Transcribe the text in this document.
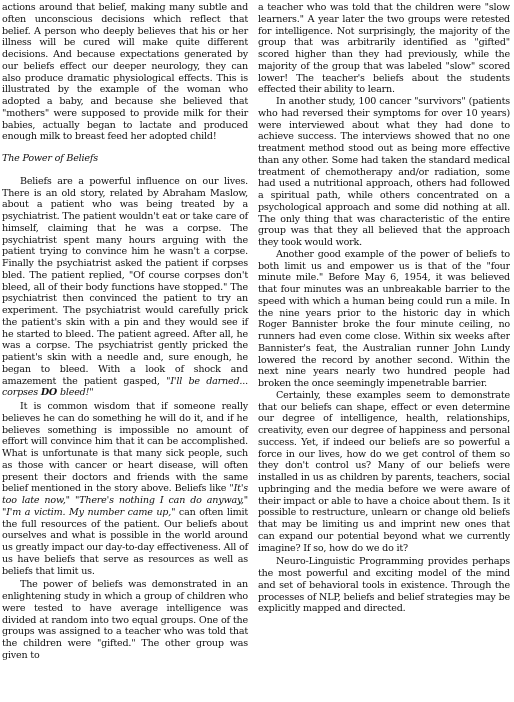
actions around that belief, making many subtle and often unconscious decisions which reflect that belief. A person who deeply believes that his or her illness will be cured will make quite different decisions. And because expectations generated by our beliefs effect our deeper neurology, they can also produce dramatic physiological effects. This is illustrated by the example of the woman who adopted a baby, and because she believed that "mothers" were supposed to provide milk for their babies, actually began to lactate and produced enough milk to breast feed her adopted child!

The Power of Beliefs

Beliefs are a powerful influence on our lives. There is an old story, related by Abraham Maslow, about a patient who was being treated by a psychiatrist. The patient wouldn't eat or take care of himself, claiming that he was a corpse. The psychiatrist spent many hours arguing with the patient trying to convince him he wasn't a corpse. Finally the psychiatrist asked the patient if corpses bled. The patient replied, "Of course corpses don't bleed, all of their body functions have stopped." The psychiatrist then convinced the patient to try an experiment. The psychiatrist would carefully prick the patient's skin with a pin and they would see if he started to bleed. The patient agreed. After all, he was a corpse. The psychiatrist gently pricked the patient's skin with a needle and, sure enough, he began to bleed. With a look of shock and amazement the patient gasped, "I'll be darned... corpses DO bleed!"

It is common wisdom that if someone really believes he can do something he will do it, and if he believes something is impossible no amount of effort will convince him that it can be accomplished. What is unfortunate is that many sick people, such as those with cancer or heart disease, will often present their doctors and friends with the same belief mentioned in the story above. Beliefs like "It's too late now," "There's nothing I can do anyway," "I'm a victim. My number came up," can often limit the full resources of the patient. Our beliefs about ourselves and what is possible in the world around us greatly impact our day-to-day effectiveness. All of us have beliefs that serve as resources as well as beliefs that limit us.

The power of beliefs was demonstrated in an enlightening study in which a group of children who were tested to have average intelligence was divided at random into two equal groups. One of the groups was assigned to a teacher who was told that the children were "gifted." The other group was given to

a teacher who was told that the children were "slow learners." A year later the two groups were retested for intelligence. Not surprisingly, the majority of the group that was arbitrarily identified as "gifted" scored higher than they had previously, while the majority of the group that was labeled "slow" scored lower! The teacher's beliefs about the students effected their ability to learn.

In another study, 100 cancer "survivors" (patients who had reversed their symptoms for over 10 years) were interviewed about what they had done to achieve success. The interviews showed that no one treatment method stood out as being more effective than any other. Some had taken the standard medical treatment of chemotherapy and/or radiation, some had used a nutritional approach, others had followed a spiritual path, while others concentrated on a psychological approach and some did nothing at all. The only thing that was characteristic of the entire group was that they all believed that the approach they took would work.

Another good example of the power of beliefs to both limit us and empower us is that of the "four minute mile." Before May 6, 1954, it was believed that four minutes was an unbreakable barrier to the speed with which a human being could run a mile. In the nine years prior to the historic day in which Roger Bannister broke the four minute ceiling, no runners had even come close. Within six weeks after Bannister's feat, the Australian runner John Lundy lowered the record by another second. Within the next nine years nearly two hundred people had broken the once seemingly impenetrable barrier.

Certainly, these examples seem to demonstrate that our beliefs can shape, effect or even determine our degree of intelligence, health, relationships, creativity, even our degree of happiness and personal success. Yet, if indeed our beliefs are so powerful a force in our lives, how do we get control of them so they don't control us? Many of our beliefs were installed in us as children by parents, teachers, social upbringing and the media before we were aware of their impact or able to have a choice about them. Is it possible to restructure, unlearn or change old beliefs that may be limiting us and imprint new ones that can expand our potential beyond what we currently imagine? If so, how do we do it?

Neuro-Linguistic Programming provides perhaps the most powerful and exciting model of the mind and set of behavioral tools in existence. Through the processes of NLP, beliefs and belief strategies may be explicitly mapped and directed.
